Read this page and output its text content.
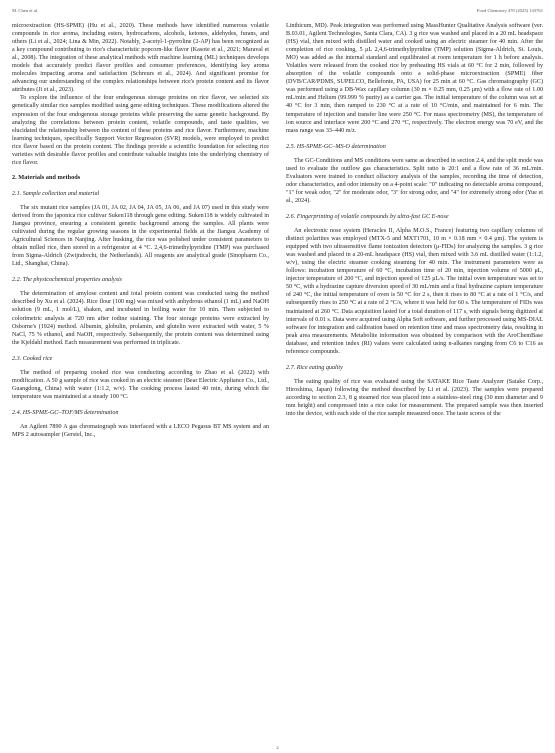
M. Chen et al.	Food Chemistry 478 (2025) 143761

microextraction (HS-SPME) (Hu et al., 2020). These methods have identified numerous volatile compounds in rice aroma, including esters, hydrocarbons, alcohols, ketones, aldehydes, furans, and others (Li et al., 2024; Lina & Min, 2022). Notably, 2-acetyl-1-pyrroline (2-AP) has been recognized as a key compound contributing to rice's characteristic popcorn-like flavor (Kasote et al., 2021; Maraval et al., 2008). The integration of these analytical methods with machine learning (ML) techniques develops models that accurately predict flavor profiles and consumer preferences, identifying key aroma molecules impacting aroma and satisfaction (Schreurs et al., 2024). And significant promise for advancing our understanding of the complex relationships between rice's protein content and its flavor attributes (Ji et al., 2023).

To explore the influence of the four endogenous storage proteins on rice flavor, we selected six genetically similar rice samples modified using gene editing techniques. These modifications altered the expression of the four endogenous storage proteins while preserving the same genetic background. By analyzing the correlations between protein content, volatile compounds, and taste qualities, we elucidated the relationship between the content of these proteins and rice flavor. Furthermore, machine learning techniques, specifically Support Vector Regression (SVR) models, were employed to predict rice flavor based on the protein content. The findings provide a scientific foundation for selecting rice varieties with desirable flavor profiles and contribute valuable insights into the underlying chemistry of rice flavor.

2. Materials and methods
2.1. Sample collection and material

The six mutant rice samples (JA 01, JA 02, JA 04, JA 05, JA 06, and JA 07) used in this study were derived from the japonica rice cultivar Suken118 through gene editing. Suken118 is widely cultivated in Jiangsu province, ensuring a consistent genetic background among the samples. All plants were cultivated during the regular growing seasons in the experimental fields at the Jiangsu Academy of Agricultural Sciences in Nanjing. After husking, the rice was polished under consistent parameters to obtain milled rice, then stored in a refrigerator at 4 °C. 2,4,6-trimethylpyridine (TMP) was purchased from Sigma-Aldrich (Zwijndrecht, the Netherlands). All reagents are analytical grade (Sinopharm Co., Ltd., Shanghai, China).

2.2. The physicochemical properties analysis

The determination of amylose content and total protein content was conducted using the method described by Xu et al. (2024). Rice flour (100 mg) was mixed with anhydrous ethanol (1 mL) and NaOH solution (9 mL, 1 mol/L), shaken, and incubated in boiling water for 10 min. Then subjected to colorimetric analysis at 720 nm after iodine staining. The four storage proteins were extracted by Osborne's (1924) method. Albumin, globulin, prolamin, and glutelin were extracted with water, 5 % NaCl, 75 % ethanol, and NaOH, respectively. Subsequently, the protein content was determined using the Kjeldahl method. Each measurement was performed in triplicate.

2.3. Cooked rice

The method of preparing cooked rice was conducting according to Zhao et al. (2022) with modification. A 50 g sample of rice was cooked in an electric steamer (Bear Electric Appliance Co., Ltd., Guangdong, China) with water (1:1.2, w/v). The cooking process lasted 40 min, during which the temperature was maintained at a steady 100 °C.

2.4. HS-SPME-GC–TOF/MS determination

An Agilent 7890 A gas chromatograph was interfaced with a LECO Pegasus BT MS system and an MPS 2 autosampler (Gerstel, Inc.,

Linthicum, MD). Peak integration was performed using MassHunter Qualitative Analysis software (ver. B.03.01, Agilent Technologies, Santa Clara, CA). 3 g rice was washed and placed in a 20 mL headspace (HS) vial, then mixed with distilled water and cooked using an electric steamer for 40 min. After the completion of rice cooking, 5 μL 2,4,6-trimethylpyridine (TMP) solution (Sigma-Aldrich, St. Louis, MO) was added as the internal standard and equilibrated at room temperature for 1 h before analysis. Volatiles were released from the cooked rice by preheating HS vials at 60 °C for 2 min, followed by absorption of the volatile compounds onto a solid-phase microextraction (SPME) fiber (DVB/CAR/PDMS, SUPELCO, Bellefonte, PA, USA) for 25 min at 60 °C. Gas chromatography (GC) was performed using a DB-Wax capillary column (30 m × 0.25 mm, 0.25 μm) with a flow rate of 1.00 mL/min and Helium (99.999 % purity) as a carrier gas. The initial temperature of the column was set at 40 °C for 3 min, then ramped to 230 °C at a rate of 10 °C/min, and maintained for 6 min. The temperature of injection and transfer line were 250 °C. For mass spectrometry (MS), the temperature of ion source and interface were 200 °C and 270 °C, respectively. The electron energy was 70 eV, and the mass range was 33–440 m/z.

2.5. HS-SPME-GC–MS-O determination

The GC-Conditions and MS conditions were same as described in section 2.4, and the split mode was used to evaluate the outflow gas characteristics. Split ratio is 20:1 and a flow rate of 36 mL/min. Evaluators were trained to conduct olfactory analysis of the samples, recording the time of detection, odor characteristics, and odor intensity on a 4-point scale: "0" indicating no detectable aroma compound, "1" for weak odor, "2" for moderate odor, "3" for strong odor, and "4" for extremely strong odor (Yue et al., 2024).

2.6. Fingerprinting of volatile compounds by ultra-fast GC E-nose

An electronic nose system (Heracles II, Alpha M.O.S., France) featuring two capillary columns of distinct polarities was employed (MTX-5 and MXT1701, 10 m × 0.18 mm × 0.4 μm). The system is equipped with two ultrasensitive flame ionization detectors (μ-FIDs) for analyzing the samples. 3 g rice was washed and placed in a 20-mL headspace (HS) vial, then mixed with 3.6 mL distilled water (1:1.2, w/v), using the electric steamer cooking steaming for 40 min. The instrument parameters were as follows: incubation temperature of 60 °C, incubation time of 20 min, injection volume of 5000 μL, injector temperature of 200 °C, and injection speed of 125 μL/s. The initial oven temperature was set to 50 °C, with a hydrazine capture diversion speed of 30 mL/min and a final hydrazine capture temperature of 240 °C, the initial temperature of oven is 50 °C for 2 s, then it rises to 80 °C at a rate of 1 °C/s, and subsequently rises to 250 °C at a rate of 2 °C/s, where it was held for 60 s. The temperature of FIDs was maintained at 260 °C. Data acquisition lasted for a total duration of 117 s, with signals being digitized at intervals of 0.01 s. Data were acquired using Alpha Soft software, and further processed using MS-DIAL software for integration and calibration based on retention time and mass spectrometry data, resulting in peak area measurements. Metabolite information was obtained by comparison with the AroChemBase database, and retention index (RI) values were calculated using n-alkanes ranging from C6 to C16 as reference compounds.

2.7. Rice eating quality

The eating quality of rice was evaluated using the SATAKE Rice Taste Analyzer (Satake Corp., Hiroshima, Japan) following the method described by Li et al. (2023). The samples were prepared according to section 2.3, 8 g steamed rice was placed into a stainless-steel ring (30 mm diameter and 9 mm height) and compressed into a rice cake for measurement. The prepared sample was then inserted into the device, with each side of the rice sample measured once. The taste scores of the

2
